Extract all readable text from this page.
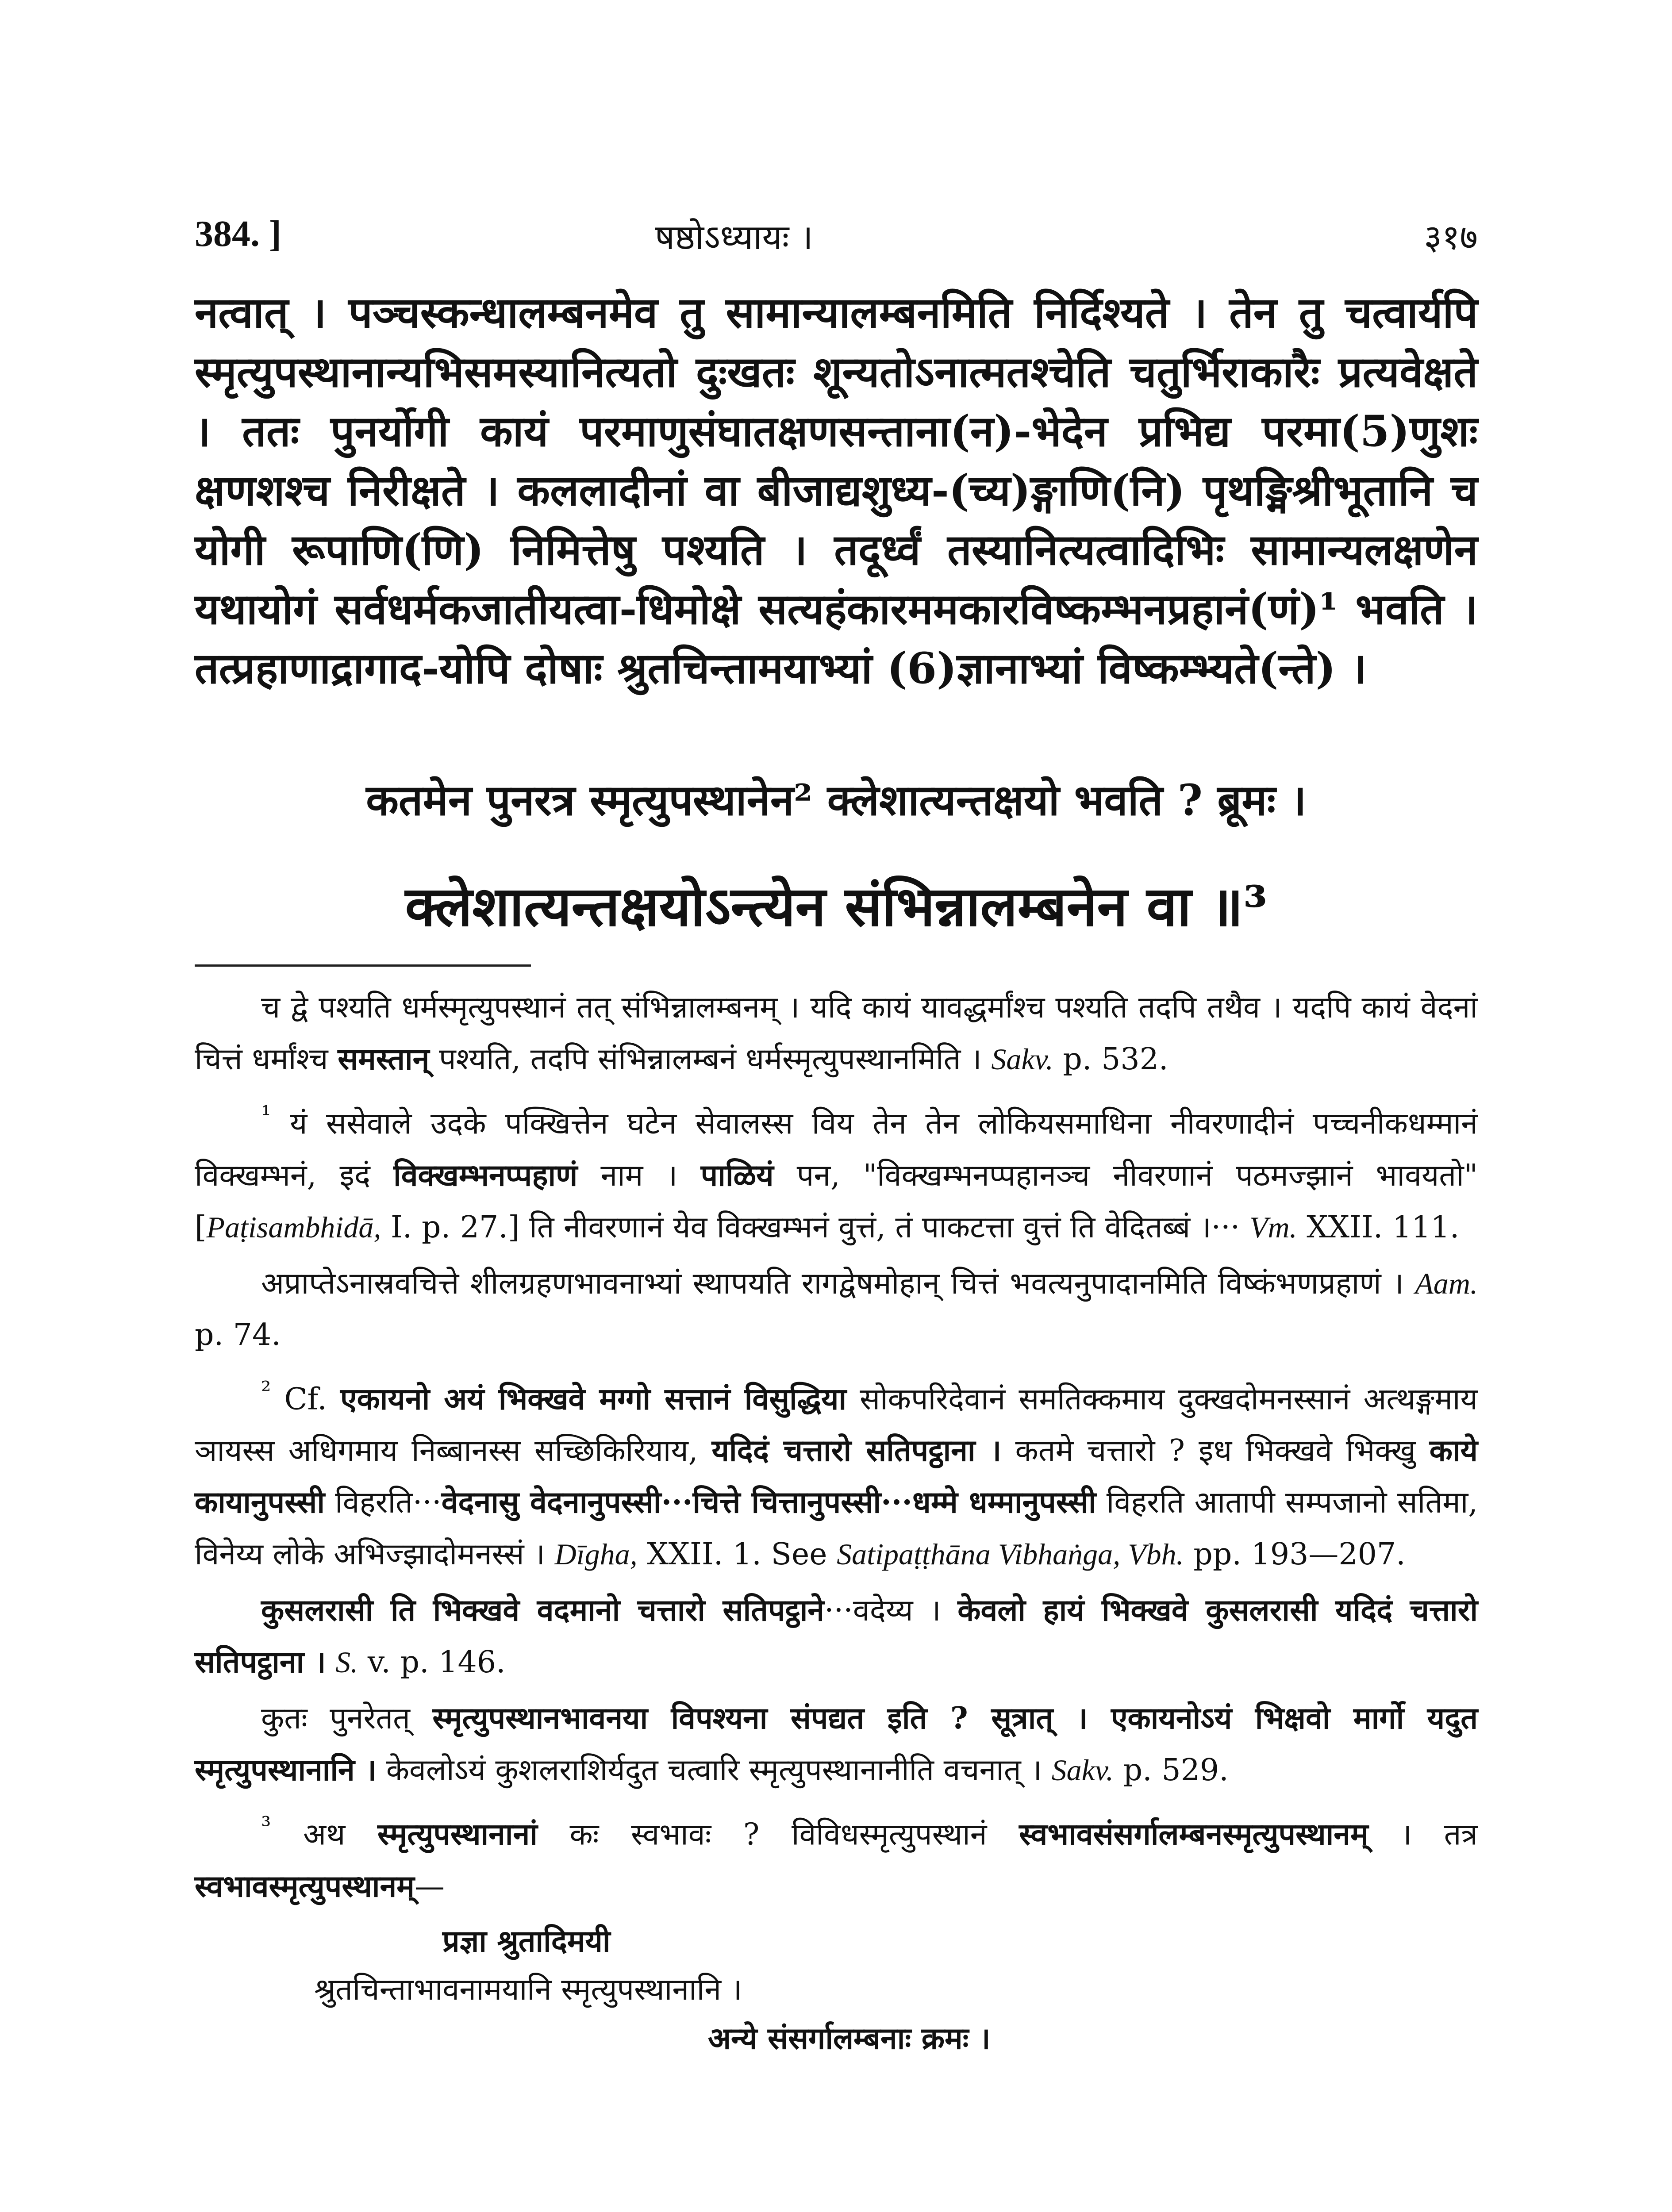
384. ]	षष्ठोऽध्यायः ।	३१७

नत्वात् । पञ्चस्कन्धालम्बनमेव तु सामान्यालम्बनमिति निर्दिश्यते । तेन तु चत्वार्यपि स्मृत्युपस्थानान्यभिसमस्यानित्यतो दुःखतः शून्यतोऽनात्मतश्चेति चतुर्भिराकारैः प्रत्यवेक्षते । ततः पुनर्योगी कायं परमाणुसंघातक्षणसन्ताना(न)-भेदेन प्रभिद्य परमा(5)णुशः क्षणशश्च निरीक्षते । कललादीनां वा बीजाद्यशुध्य-(च्य)ङ्गाणि(नि) पृथङ्मिश्रीभूतानि च योगी रूपाणि(णि) निमित्तेषु पश्यति । तदूर्ध्वं तस्यानित्यत्वादिभिः सामान्यलक्षणेन यथायोगं सर्वधर्मकजातीयत्वा-धिमोक्षे सत्यहंकारममकारविष्कम्भनप्रहानं(णं)¹ भवति । तत्प्रहाणाद्रागाद-योपि दोषाः श्रुतचिन्तामयाभ्यां (6)ज्ञानाभ्यां विष्कम्भ्यते(न्ते) ।

कतमेन पुनरत्र स्मृत्युपस्थानेन² क्लेशात्यन्तक्षयो भवति ? ब्रूमः ।
क्लेशात्यन्तक्षयोऽन्त्येन संभिन्नालम्बनेन वा ॥³

च द्वे पश्यति धर्मस्मृत्युपस्थानं तत् संभिन्नालम्बनम् । यदि कायं यावद्धर्मांश्च पश्यति तदपि तथैव । यदपि कायं वेदनां चित्तं धर्मांश्च समस्तान् पश्यति, तदपि संभिन्नालम्बनं धर्मस्मृत्युपस्थानमिति । Sakv. p. 532.

$^{^1}$ यं ससेवाले उदके पक्खित्तेन घटेन सेवालस्स विय तेन तेन लोकियसमाधिना नीवरणादीनं पच्चनीकधम्मानं विक्खम्भनं, इदं विक्खम्भनप्पहाणं नाम । पाळियं पन, "विक्खम्भनप्पहानञ्च नीवरणानं पठमज्झानं भावयतो" [Paṭisambhidā, I. p. 27.] ति नीवरणानं येव विक्खम्भनं वुत्तं, तं पाकटत्ता वुत्तं ति वेदितब्बं ।··· Vm. XXII. 111.

अप्राप्तेऽनास्रवचित्ते शीलग्रहणभावनाभ्यां स्थापयति रागद्वेषमोहान् चित्तं भवत्यनुपादानमिति विष्कंभणप्रहाणं । Aam. p. 74.

$^{^2}$ Cf. एकायनो अयं भिक्खवे मग्गो सत्तानं विसुद्धिया सोकपरिदेवानं समतिक्कमाय दुक्खदोमनस्सानं अत्थङ्गमाय ञायस्स अधिगमाय निब्बानस्स सच्छिकिरियाय, यदिदं चत्तारो सतिपट्ठाना । कतमे चत्तारो ? इध भिक्खवे भिक्खु काये कायानुपस्सी विहरति···वेदनासु वेदनानुपस्सी···चित्ते चित्तानुपस्सी···धम्मे धम्मानुपस्सी विहरति आतापी सम्पजानो सतिमा, विनेय्य लोके अभिज्झादोमनस्सं । Dīgha, XXII. 1. See Satipaṭṭhāna Vibhaṅga, Vbh. pp. 193—207.

कुसलरासी ति भिक्खवे वदमानो चत्तारो सतिपट्ठाने···वदेय्य । केवलो हायं भिक्खवे कुसलरासी यदिदं चत्तारो सतिपट्ठाना । S. v. p. 146.

कुतः पुनरेतत् स्मृत्युपस्थानभावनया विपश्यना संपद्यत इति ? सूत्रात् । एकायनोऽयं भिक्षवो मार्गो यदुत स्मृत्युपस्थानानि । केवलोऽयं कुशलराशिर्यदुत चत्वारि स्मृत्युपस्थानानीति वचनात् । Sakv. p. 529.

$^{^3}$ अथ स्मृत्युपस्थानानां कः स्वभावः ? विविधस्मृत्युपस्थानं स्वभावसंसर्गालम्बनस्मृत्युपस्थानम् । तत्र स्वभावस्मृत्युपस्थानम्—

प्रज्ञा श्रुतादिमयी

श्रुतचिन्ताभावनामयानि स्मृत्युपस्थानानि ।

अन्ये संसर्गालम्बनाः क्रमः ।
